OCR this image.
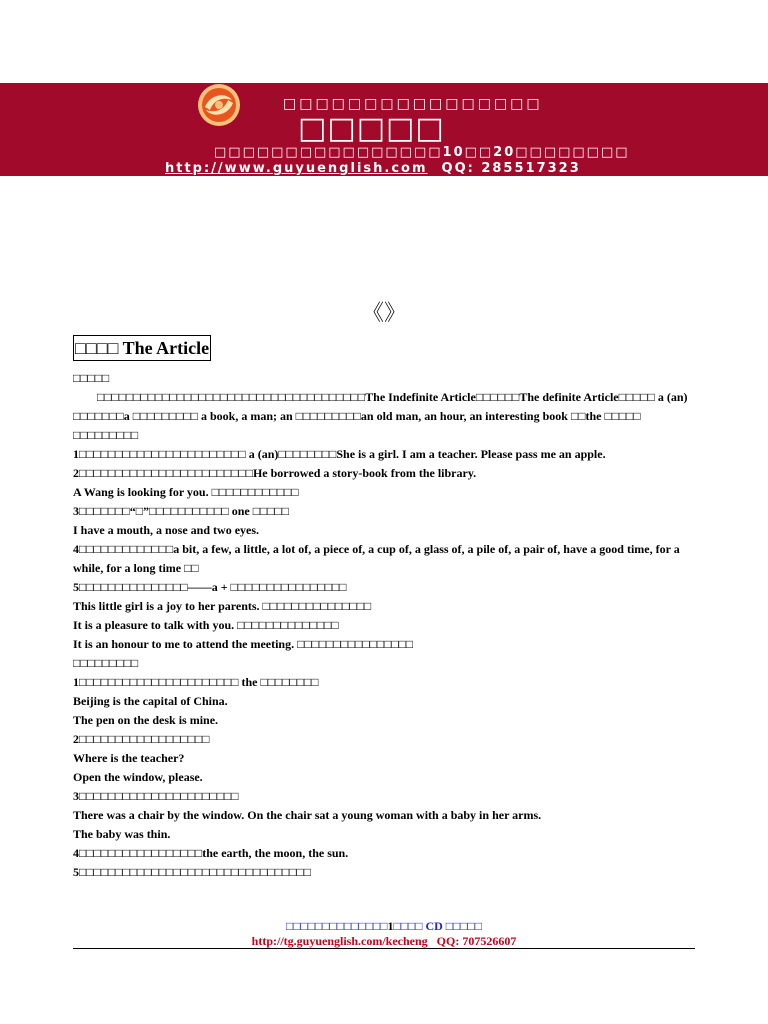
□□□□□□□□□□□□□□□□
□□□□□
□□□□□□□□□□□□□□□□10□□20□□□□□□□□
http://www.guyuenglish.com QQ: 285517323
《》
□□□□ The Article

□□□□□

□□□□□□□□□□□□□□□□□□□□□□□□□□□□□□□□□□□□□The Indefinite Article□□□□□□The definite Article□□□□□ a (an) □□□□□□□a □□□□□□□□□ a book, a man; an □□□□□□□□□an old man, an hour, an interesting book □□the □□□□□

□□□□□□□□□

1□□□□□□□□□□□□□□□□□□□□□□□ a (an)□□□□□□□□She is a girl. I am a teacher. Please pass me an apple.

2□□□□□□□□□□□□□□□□□□□□□□□□He borrowed a story-book from the library.

A Wang is looking for you. □□□□□□□□□□□□

3□□□□□□□“□”□□□□□□□□□□□ one □□□□□

I have a mouth, a nose and two eyes.

4□□□□□□□□□□□□□a bit, a few, a little, a lot of, a piece of, a cup of, a glass of, a pile of, a pair of, have a good time, for a while, for a long time □□

5□□□□□□□□□□□□□□□——a + □□□□□□□□□□□□□□□□

This little girl is a joy to her parents. □□□□□□□□□□□□□□□

It is a pleasure to talk with you. □□□□□□□□□□□□□□

It is an honour to me to attend the meeting. □□□□□□□□□□□□□□□□

□□□□□□□□□

1□□□□□□□□□□□□□□□□□□□□□□ the □□□□□□□□

Beijing is the capital of China.

The pen on the desk is mine.

2□□□□□□□□□□□□□□□□□□

Where is the teacher?

Open the window, please.

3□□□□□□□□□□□□□□□□□□□□□□

There was a chair by the window. On the chair sat a young woman with a baby in her arms.

The baby was thin.

4□□□□□□□□□□□□□□□□□the earth, the moon, the sun.

5□□□□□□□□□□□□□□□□□□□□□□□□□□□□□□□□

□□□□□□□□□□□□□□1□□□□ CD □□□□□
http://tg.guyuenglish.com/kecheng QQ: 707526607
